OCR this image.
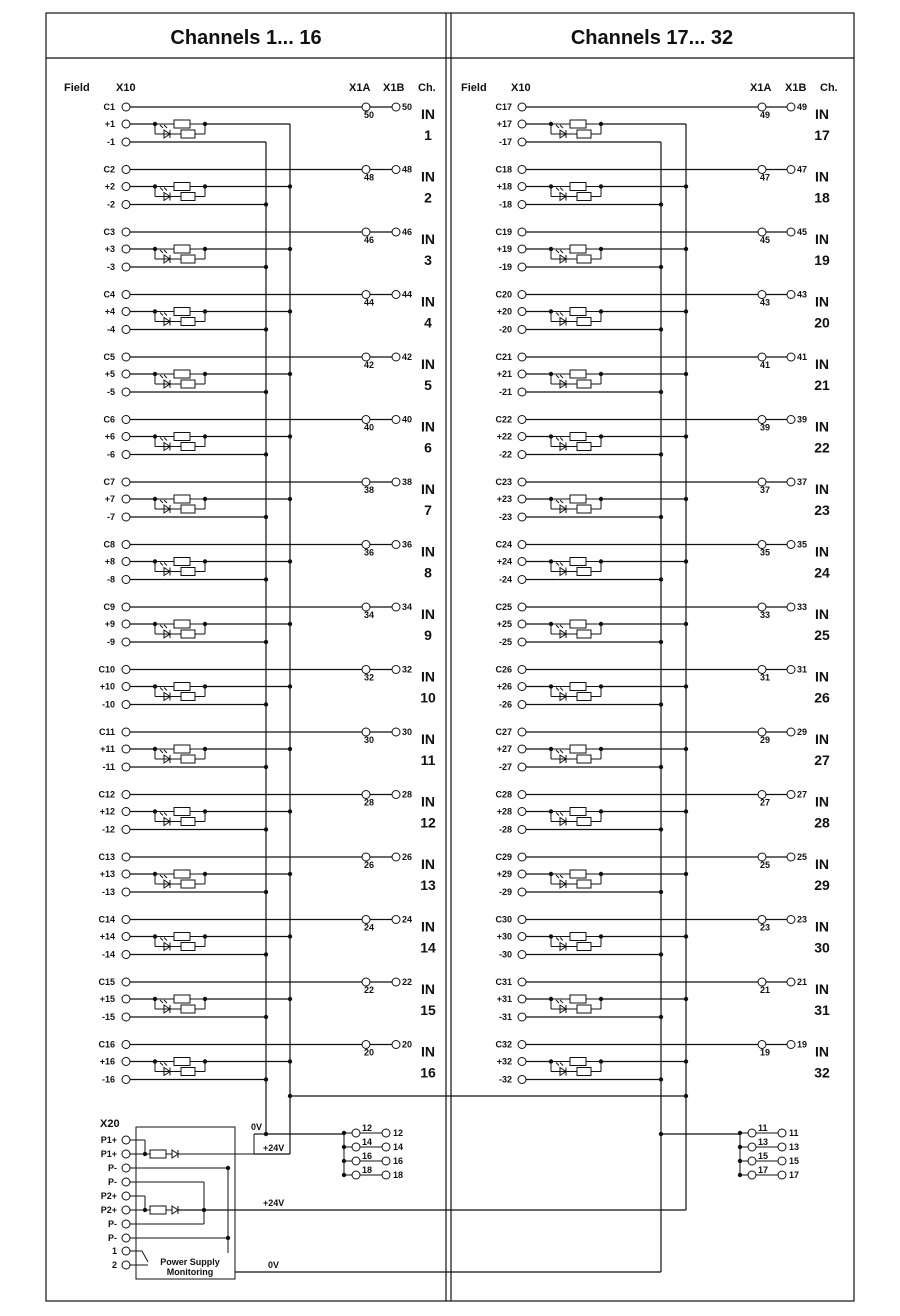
Channels 1... 16	Channels 17... 32
Field X10	X1A X1B Ch. Field X10	X1A X1B Ch.
C1
+1
-1
50
50 IN
1
C2
+2
-2
48
48 IN
2
C3
+3
-3
46
46 IN
3
C4
+4
-4
44
44 IN
4
C5
+5
-5
42
42 IN
5
C6
+6
-6
40
40 IN
6
C7
+7
-7
38
38 IN
7
C8
+8
-8
36
36 IN
8
C9
+9
-9
34
34 IN
9
C10
+10
-10
32
32 IN
10
C11
+11
-11
30
30 IN
11
C12
+12
-12
28
28 IN
12
C13
+13
-13
26
26 IN
13
C14
+14
-14
24
24 IN
14
C15
+15
-15
22
22 IN
15
C16
+16
-16
20
20 IN
16
C17
+17
-17
49
49 IN
17
C18
+18
-18
47
47 IN
18
C19
+19
-19
45
45 IN
19
C20
+20
-20
43
43 IN
20
C21
+21
-21
41
41 IN
21
C22
+22
-22
39
39 IN
22
C23
+23
-23
37
37 IN
23
C24
+24
-24
35
35 IN
24
C25
+25
-25
33
33 IN
25
C26
+26
-26
31
31 IN
26
C27
+27
-27
29
29 IN
27
C28
+28
-28
27
27 IN
28
C29
+29
-29
25
25 IN
29
C30
+30
-30
23
23 IN
30
C31
+31
-31
21
21 IN
31
C32
+32
-32
19
19 IN
32
X20
P1+
P1+
P-
P-
P2+
P2+
P-
P-
1
2
0V
+24V
+24V
Power Supply
Monitoring
0V
12 12
14 14
16 16
18 18
11 11
13 13
15 15
17 17
